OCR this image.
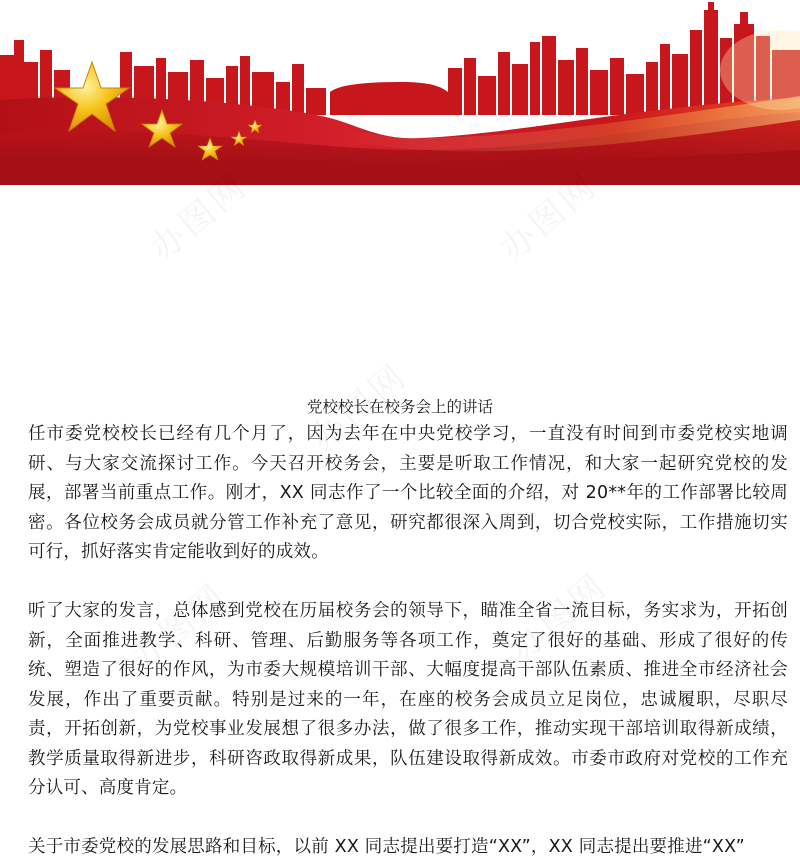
党校校长在校务会上的讲话

任市委党校校长已经有几个月了，因为去年在中央党校学习，一直没有时间到市委党校实地调研、与大家交流探讨工作。今天召开校务会，主要是听取工作情况，和大家一起研究党校的发展，部署当前重点工作。刚才，XX 同志作了一个比较全面的介绍，对 20**年的工作部署比较周密。各位校务会成员就分管工作补充了意见，研究都很深入周到，切合党校实际，工作措施切实可行，抓好落实肯定能收到好的成效。

听了大家的发言，总体感到党校在历届校务会的领导下，瞄准全省一流目标，务实求为，开拓创新，全面推进教学、科研、管理、后勤服务等各项工作，奠定了很好的基础、形成了很好的传统、塑造了很好的作风，为市委大规模培训干部、大幅度提高干部队伍素质、推进全市经济社会发展，作出了重要贡献。特别是过来的一年，在座的校务会成员立足岗位，忠诚履职，尽职尽责，开拓创新，为党校事业发展想了很多办法，做了很多工作，推动实现干部培训取得新成绩，教学质量取得新进步，科研咨政取得新成果，队伍建设取得新成效。市委市政府对党校的工作充分认可、高度肯定。

关于市委党校的发展思路和目标，以前 XX 同志提出要打造“XX”，XX 同志提出要推进“XX”
